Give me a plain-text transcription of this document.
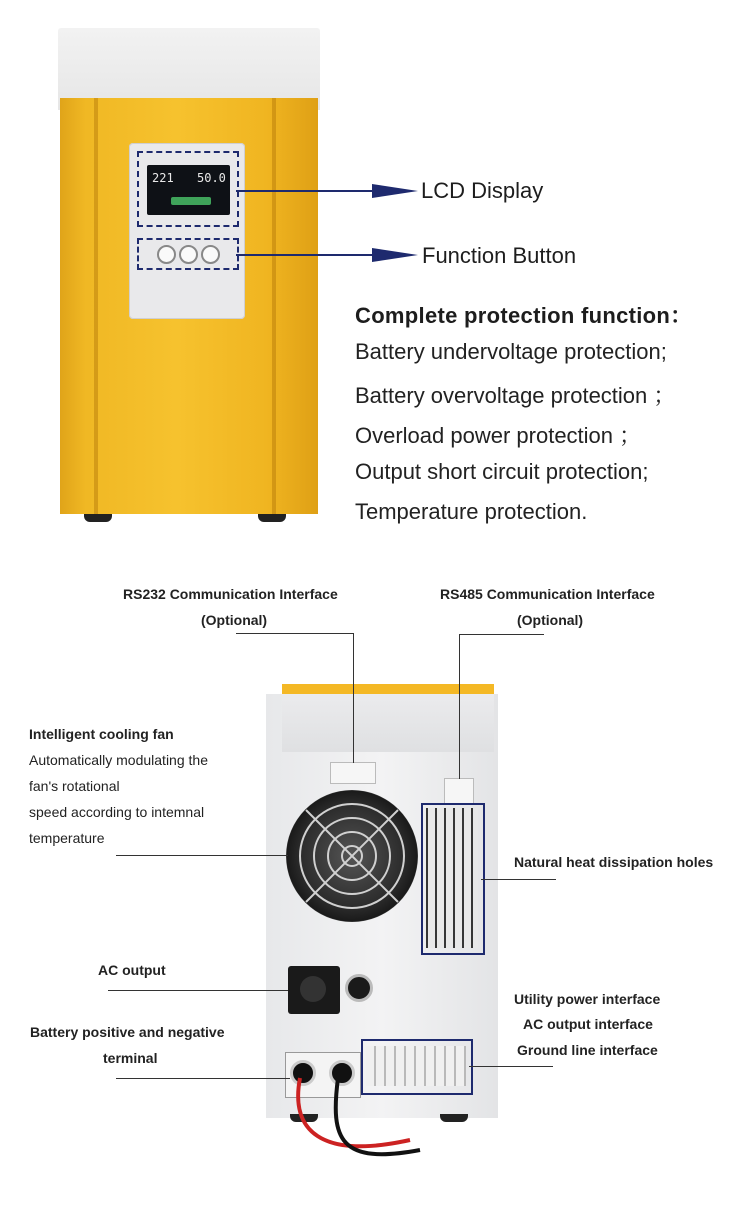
221 50.0	LCD Display
Function Button
Complete protection function：
Battery undervoltage protection;
Battery overvoltage protection ；
Overload power protection ；
Output short circuit protection;
Temperature protection.
RS232 Communication Interface
(Optional)
RS485 Communication Interface
(Optional)
Intelligent cooling fan
Automatically modulating the
fan's rotational
speed according to intemnal
temperature
Natural heat dissipation holes
AC output
Battery positive and negative
terminal
Utility power interface
AC output interface
Ground line interface
